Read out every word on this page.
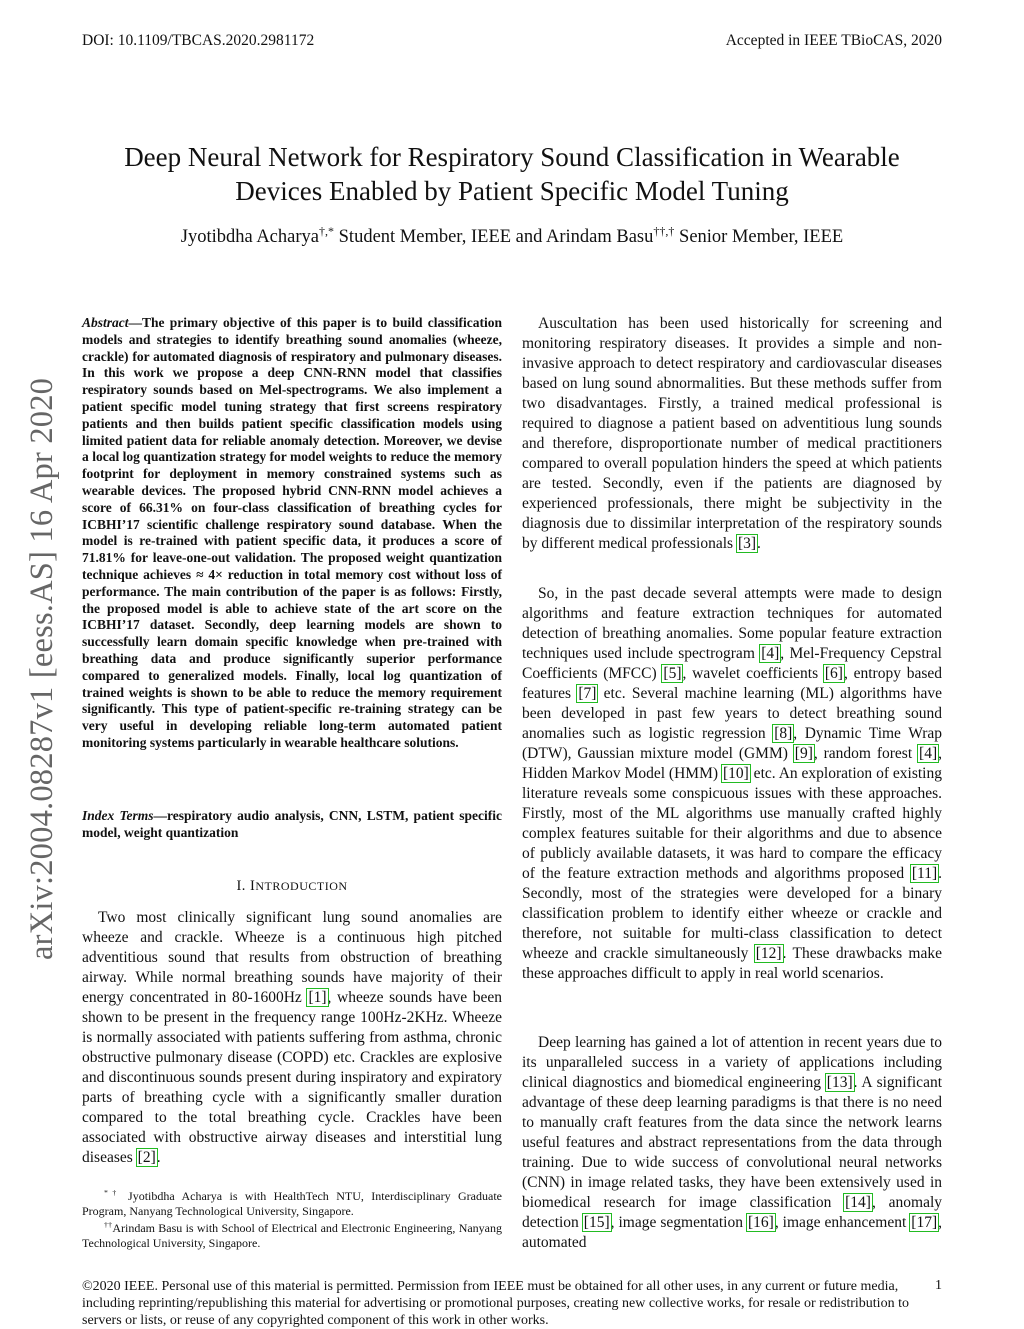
DOI: 10.1109/TBCAS.2020.2981172	Accepted in IEEE TBioCAS, 2020
Deep Neural Network for Respiratory Sound Classification in Wearable
Devices Enabled by Patient Specific Model Tuning
Jyotibdha Acharya†,* Student Member, IEEE and Arindam Basu††,† Senior Member, IEEE
arXiv:2004.08287v1 [eess.AS] 16 Apr 2020

Abstract—The primary objective of this paper is to build classification models and strategies to identify breathing sound anomalies (wheeze, crackle) for automated diagnosis of respiratory and pulmonary diseases. In this work we propose a deep CNN-RNN model that classifies respiratory sounds based on Mel-spectrograms. We also implement a patient specific model tuning strategy that first screens respiratory patients and then builds patient specific classification models using limited patient data for reliable anomaly detection. Moreover, we devise a local log quantization strategy for model weights to reduce the memory footprint for deployment in memory constrained systems such as wearable devices. The proposed hybrid CNN-RNN model achieves a score of 66.31% on four-class classification of breathing cycles for ICBHI’17 scientific challenge respiratory sound database. When the model is re-trained with patient specific data, it produces a score of 71.81% for leave-one-out validation. The proposed weight quantization technique achieves ≈ 4× reduction in total memory cost without loss of performance. The main contribution of the paper is as follows: Firstly, the proposed model is able to achieve state of the art score on the ICBHI’17 dataset. Secondly, deep learning models are shown to successfully learn domain specific knowledge when pre-trained with breathing data and produce significantly superior performance compared to generalized models. Finally, local log quantization of trained weights is shown to be able to reduce the memory requirement significantly. This type of patient-specific re-training strategy can be very useful in developing reliable long-term automated patient monitoring systems particularly in wearable healthcare solutions.

Index Terms—respiratory audio analysis, CNN, LSTM, patient specific model, weight quantization

I. INTRODUCTION

Two most clinically significant lung sound anomalies are wheeze and crackle. Wheeze is a continuous high pitched adventitious sound that results from obstruction of breathing airway. While normal breathing sounds have majority of their energy concentrated in 80-1600Hz [1], wheeze sounds have been shown to be present in the frequency range 100Hz-2KHz. Wheeze is normally associated with patients suffering from asthma, chronic obstructive pulmonary disease (COPD) etc. Crackles are explosive and discontinuous sounds present during inspiratory and expiratory parts of breathing cycle with a significantly smaller duration compared to the total breathing cycle. Crackles have been associated with obstructive airway diseases and interstitial lung diseases [2].

*† Jyotibdha Acharya is with HealthTech NTU, Interdisciplinary Graduate Program, Nanyang Technological University, Singapore.

††Arindam Basu is with School of Electrical and Electronic Engineering, Nanyang Technological University, Singapore.

Auscultation has been used historically for screening and monitoring respiratory diseases. It provides a simple and non-invasive approach to detect respiratory and cardiovascular diseases based on lung sound abnormalities. But these methods suffer from two disadvantages. Firstly, a trained medical professional is required to diagnose a patient based on adventitious lung sounds and therefore, disproportionate number of medical practitioners compared to overall population hinders the speed at which patients are tested. Secondly, even if the patients are diagnosed by experienced professionals, there might be subjectivity in the diagnosis due to dissimilar interpretation of the respiratory sounds by different medical professionals [3].

So, in the past decade several attempts were made to design algorithms and feature extraction techniques for automated detection of breathing anomalies. Some popular feature extraction techniques used include spectrogram [4], Mel-Frequency Cepstral Coefficients (MFCC) [5], wavelet coefficients [6], entropy based features [7] etc. Several machine learning (ML) algorithms have been developed in past few years to detect breathing sound anomalies such as logistic regression [8], Dynamic Time Wrap (DTW), Gaussian mixture model (GMM) [9], random forest [4], Hidden Markov Model (HMM) [10] etc. An exploration of existing literature reveals some conspicuous issues with these approaches. Firstly, most of the ML algorithms use manually crafted highly complex features suitable for their algorithms and due to absence of publicly available datasets, it was hard to compare the efficacy of the feature extraction methods and algorithms proposed [11]. Secondly, most of the strategies were developed for a binary classification problem to identify either wheeze or crackle and therefore, not suitable for multi-class classification to detect wheeze and crackle simultaneously [12]. These drawbacks make these approaches difficult to apply in real world scenarios.

Deep learning has gained a lot of attention in recent years due to its unparalleled success in a variety of applications including clinical diagnostics and biomedical engineering [13]. A significant advantage of these deep learning paradigms is that there is no need to manually craft features from the data since the network learns useful features and abstract representations from the data through training. Due to wide success of convolutional neural networks (CNN) in image related tasks, they have been extensively used in biomedical research for image classification [14], anomaly detection [15], image segmentation [16], image enhancement [17], automated

©2020 IEEE. Personal use of this material is permitted. Permission from IEEE must be obtained for all other uses, in any current or future media, including reprinting/republishing this material for advertising or promotional purposes, creating new collective works, for resale or redistribution to servers or lists, or reuse of any copyrighted component of this work in other works.

1
